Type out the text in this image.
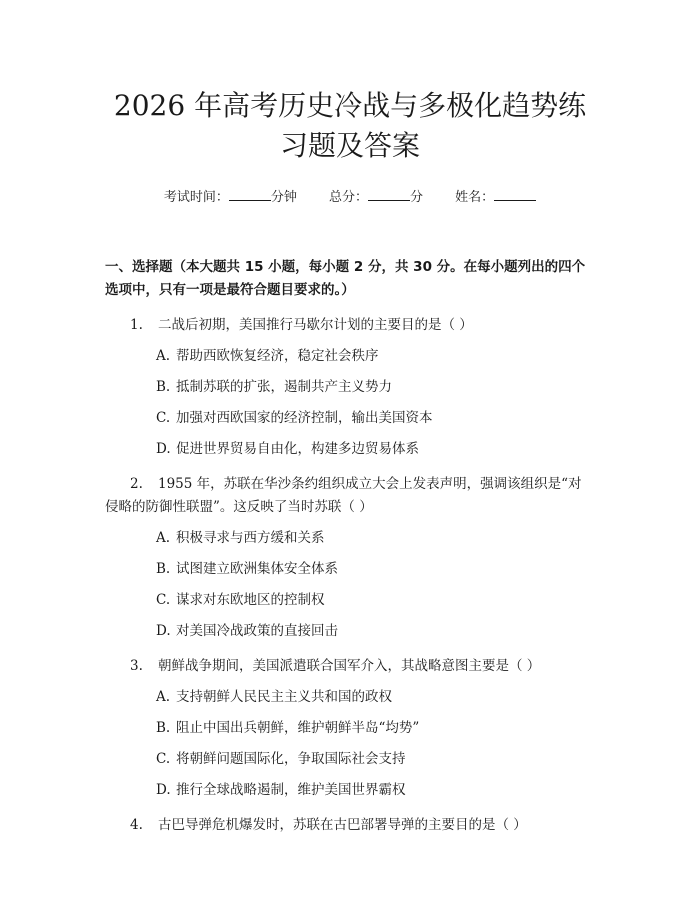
2026 年高考历史冷战与多极化趋势练习题及答案
考试时间：	分钟 总分：	分 姓名：
一、选择题（本大题共 15 小题，每小题 2 分，共 30 分。在每小题列出的四个选项中，只有一项是最符合题目要求的。）
1. 二战后初期，美国推行马歇尔计划的主要目的是（ ）
A. 帮助西欧恢复经济，稳定社会秩序
B. 抵制苏联的扩张，遏制共产主义势力
C. 加强对西欧国家的经济控制，输出美国资本
D. 促进世界贸易自由化，构建多边贸易体系
2. 1955 年，苏联在华沙条约组织成立大会上发表声明，强调该组织是“对侵略的防御性联盟”。这反映了当时苏联（ ）
A. 积极寻求与西方缓和关系
B. 试图建立欧洲集体安全体系
C. 谋求对东欧地区的控制权
D. 对美国冷战政策的直接回击
3. 朝鲜战争期间，美国派遣联合国军介入，其战略意图主要是（ ）
A. 支持朝鲜人民民主主义共和国的政权
B. 阻止中国出兵朝鲜，维护朝鲜半岛“均势”
C. 将朝鲜问题国际化，争取国际社会支持
D. 推行全球战略遏制，维护美国世界霸权
4. 古巴导弹危机爆发时，苏联在古巴部署导弹的主要目的是（ ）
